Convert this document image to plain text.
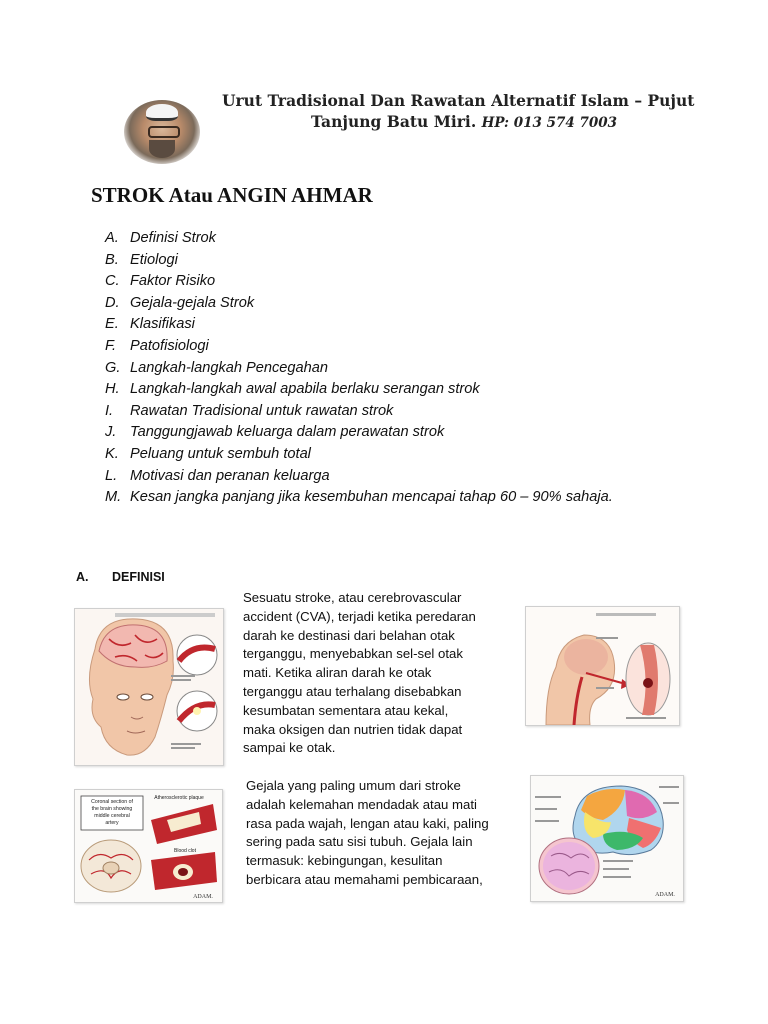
Urut Tradisional Dan Rawatan Alternatif Islam – Pujut
Tanjung Batu Miri. HP: 013 574 7003
STROK Atau ANGIN AHMAR
A. Definisi Strok
B. Etiologi
C. Faktor Risiko
D. Gejala-gejala Strok
E. Klasifikasi
F. Patofisiologi
G. Langkah-langkah Pencegahan
H. Langkah-langkah awal apabila berlaku serangan strok
I.	Rawatan Tradisional untuk rawatan strok
J. Tanggungjawab keluarga dalam perawatan strok
K. Peluang untuk sembuh total
L. Motivasi dan peranan keluarga
M. Kesan jangka panjang jika kesembuhan mencapai tahap 60 – 90% sahaja.
A. DEFINISI
Sesuatu stroke, atau cerebrovascular
accident (CVA), terjadi ketika peredaran
darah ke destinasi dari belahan otak
terganggu, menyebabkan sel-sel otak
mati. Ketika aliran darah ke otak
terganggu atau terhalang disebabkan
kesumbatan sementara atau kekal,
maka oksigen dan nutrien tidak dapat
sampai ke otak.
Gejala yang paling umum dari stroke
adalah kelemahan mendadak atau mati
rasa pada wajah, lengan atau kaki, paling
sering pada satu sisi tubuh. Gejala lain
termasuk: kebingungan, kesulitan
berbicara atau memahami pembicaraan,
Coronal section of
the brain showing
middle cerebral
artery
Atherosclerotic plaque
Blood clot
ADAM.	ADAM.
